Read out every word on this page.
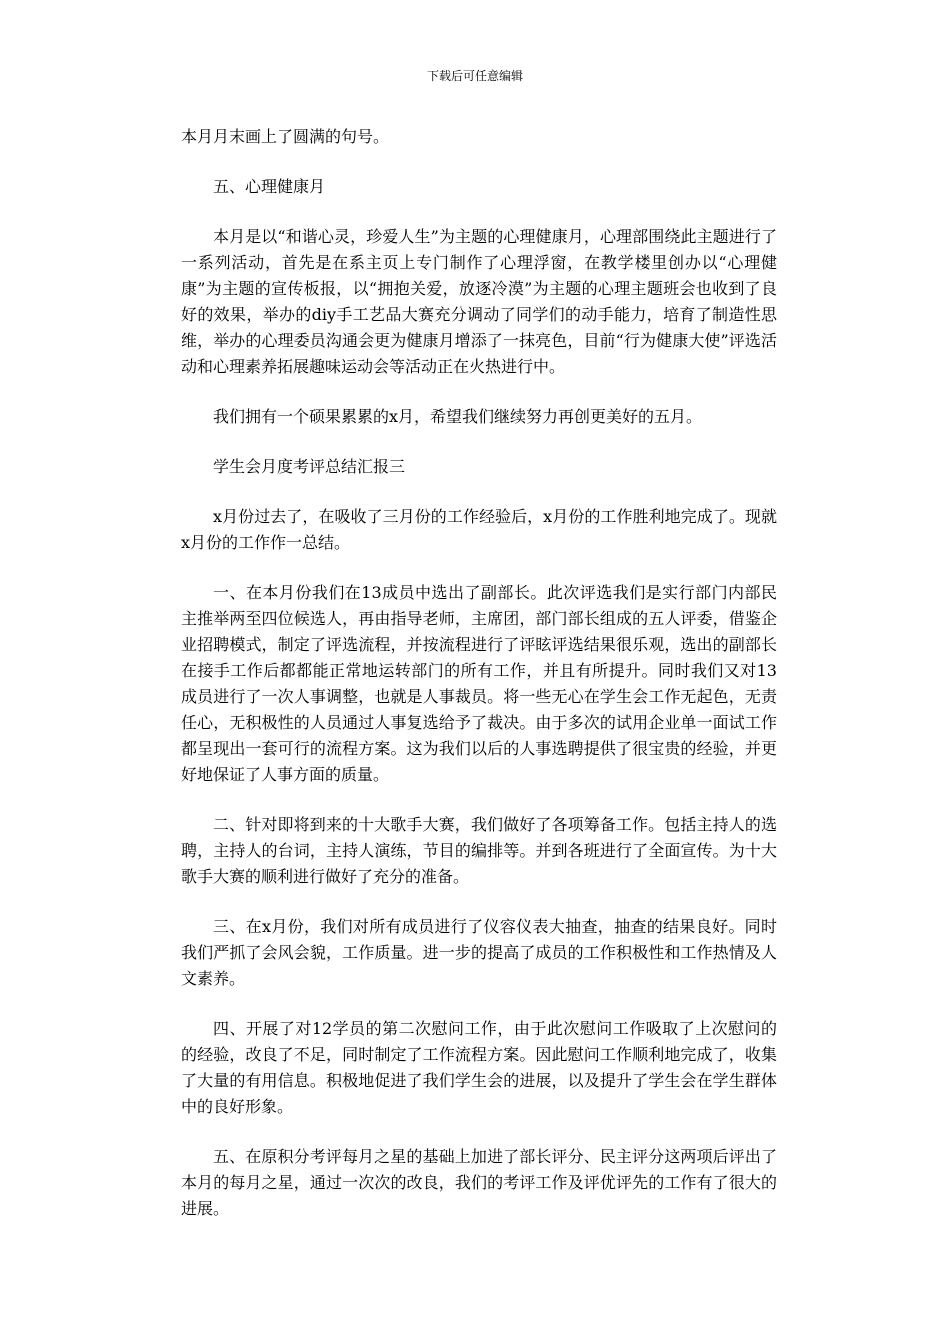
下载后可任意编辑

本月月末画上了圆满的句号。

五、心理健康月

本月是以“和谐心灵，珍爱人生”为主题的心理健康月，心理部围绕此主题进行了一系列活动，首先是在系主页上专门制作了心理浮窗，在教学楼里创办以“心理健康”为主题的宣传板报，以“拥抱关爱，放逐冷漠”为主题的心理主题班会也收到了良好的效果，举办的diy手工艺品大赛充分调动了同学们的动手能力，培育了制造性思维，举办的心理委员沟通会更为健康月增添了一抹亮色，目前“行为健康大使”评选活动和心理素养拓展趣味运动会等活动正在火热进行中。

我们拥有一个硕果累累的x月，希望我们继续努力再创更美好的五月。

学生会月度考评总结汇报三

x月份过去了，在吸收了三月份的工作经验后，x月份的工作胜利地完成了。现就x月份的工作作一总结。

一、在本月份我们在13成员中选出了副部长。此次评选我们是实行部门内部民主推举两至四位候选人，再由指导老师，主席团，部门部长组成的五人评委，借鉴企业招聘模式，制定了评选流程，并按流程进行了评眩评选结果很乐观，选出的副部长在接手工作后都都能正常地运转部门的所有工作，并且有所提升。同时我们又对13成员进行了一次人事调整，也就是人事裁员。将一些无心在学生会工作无起色，无责任心，无积极性的人员通过人事复选给予了裁决。由于多次的试用企业单一面试工作都呈现出一套可行的流程方案。这为我们以后的人事选聘提供了很宝贵的经验，并更好地保证了人事方面的质量。

二、针对即将到来的十大歌手大赛，我们做好了各项筹备工作。包括主持人的选聘，主持人的台词，主持人演练，节目的编排等。并到各班进行了全面宣传。为十大歌手大赛的顺利进行做好了充分的准备。

三、在x月份，我们对所有成员进行了仪容仪表大抽查，抽查的结果良好。同时我们严抓了会风会貌，工作质量。进一步的提高了成员的工作积极性和工作热情及人文素养。

四、开展了对12学员的第二次慰问工作，由于此次慰问工作吸取了上次慰问的的经验，改良了不足，同时制定了工作流程方案。因此慰问工作顺利地完成了，收集了大量的有用信息。积极地促进了我们学生会的进展，以及提升了学生会在学生群体中的良好形象。

五、在原积分考评每月之星的基础上加进了部长评分、民主评分这两项后评出了本月的每月之星，通过一次次的改良，我们的考评工作及评优评先的工作有了很大的进展。
